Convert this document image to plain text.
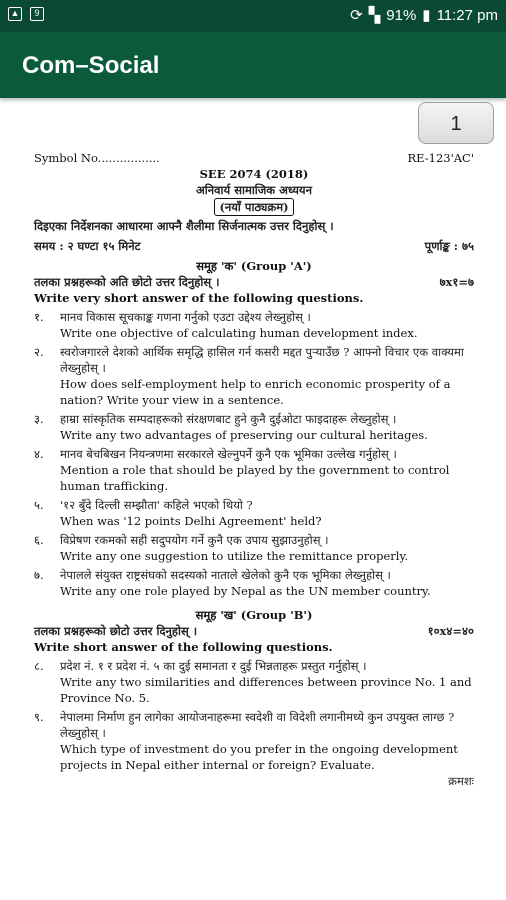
▲	9	⟳ ▚ 91% ▮ 11:27 pm
Com–Social
1
Symbol No.................	RE-123'AC'
SEE 2074 (2018)
अनिवार्य सामाजिक अध्ययन
(नयाँ पाठ्यक्रम)
दिइएका निर्देशनका आधारमा आफ्नै शैलीमा सिर्जनात्मक उत्तर दिनुहोस् ।
समय : २ घण्टा १५ मिनेट	पूर्णाङ्क : ७५
समूह 'क' (Group 'A')
तलका प्रश्नहरूको अति छोटो उत्तर दिनुहोस् ।	७x१=७
Write very short answer of the following questions.
१.	मानव विकास सूचकाङ्क गणना गर्नुको एउटा उद्देश्य लेख्नुहोस् ।
Write one objective of calculating human development index.
२.	स्वरोजगारले देशको आर्थिक समृद्धि हासिल गर्न कसरी मद्दत पुऱ्याउँछ ? आफ्नो विचार एक वाक्यमा लेख्नुहोस् ।
How does self-employment help to enrich economic prosperity of a nation? Write your view in a sentence.
३.	हाम्रा सांस्कृतिक सम्पदाहरूको संरक्षणबाट हुने कुनै दुईओटा फाइदाहरू लेख्नुहोस् ।
Write any two advantages of preserving our cultural heritages.
४.	मानव बेचबिखन नियन्त्रणमा सरकारले खेल्नुपर्ने कुनै एक भूमिका उल्लेख गर्नुहोस् ।
Mention a role that should be played by the government to control human trafficking.
५.	'१२ बुँदे दिल्ली सम्झौता' कहिले भएको थियो ?
When was '12 points Delhi Agreement' held?
६.	विप्रेषण रकमको सही सदुपयोग गर्ने कुनै एक उपाय सुझाउनुहोस् ।
Write any one suggestion to utilize the remittance properly.
७.	नेपालले संयुक्त राष्ट्रसंघको सदस्यको नाताले खेलेको कुनै एक भूमिका लेख्नुहोस् ।
Write any one role played by Nepal as the UN member country.
समूह 'ख' (Group 'B')
तलका प्रश्नहरूको छोटो उत्तर दिनुहोस् ।	१०x४=४०
Write short answer of the following questions.
८.	प्रदेश नं. १ र प्रदेश नं. ५ का दुई समानता र दुई भिन्नताहरू प्रस्तुत गर्नुहोस् ।
Write any two similarities and differences between province No. 1 and Province No. 5.
९.	नेपालमा निर्माण हुन लागेका आयोजनाहरूमा स्वदेशी वा विदेशी लगानीमध्ये कुन उपयुक्त लाग्छ ? लेख्नुहोस् ।
Which type of investment do you prefer in the ongoing development projects in Nepal either internal or foreign? Evaluate.
क्रमशः
